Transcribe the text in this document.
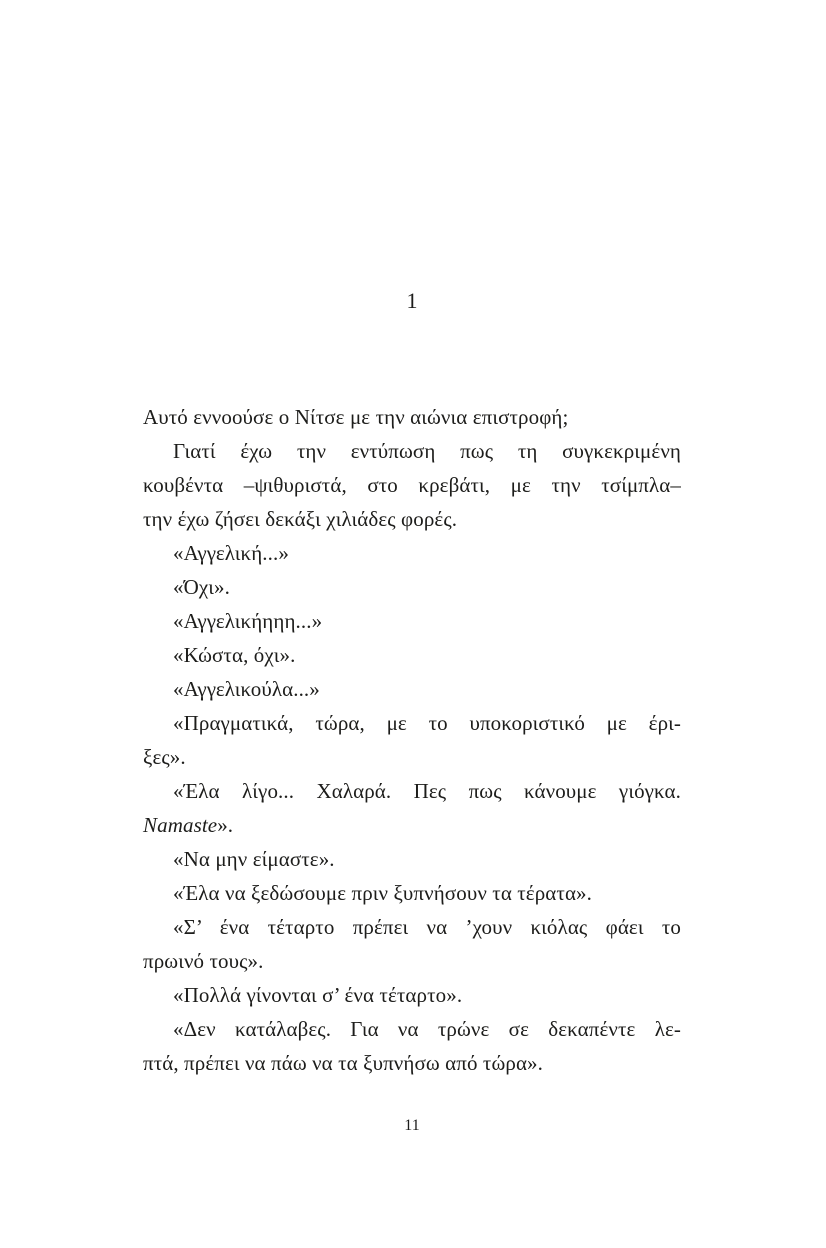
1
Αυτό εννοούσε ο Νίτσε με την αιώνια επιστροφή;
Γιατί έχω την εντύπωση πως τη συγκεκριμένη
κουβέντα –ψιθυριστά, στο κρεβάτι, με την τσίμπλα–
την έχω ζήσει δεκάξι χιλιάδες φορές.
«Αγγελική...»
«Όχι».
«Αγγελικήηηη...»
«Κώστα, όχι».
«Αγγελικούλα...»
«Πραγματικά, τώρα, με το υποκοριστικό με έρι-
ξες».
«Έλα λίγο... Χαλαρά. Πες πως κάνουμε γιόγκα.
Namaste».
«Να μην είμαστε».
«Έλα να ξεδώσουμε πριν ξυπνήσουν τα τέρατα».
«Σ’ ένα τέταρτο πρέπει να ’χουν κιόλας φάει το
πρωινό τους».
«Πολλά γίνονται σ’ ένα τέταρτο».
«Δεν κατάλαβες. Για να τρώνε σε δεκαπέντε λε-
πτά, πρέπει να πάω να τα ξυπνήσω από τώρα».
11
